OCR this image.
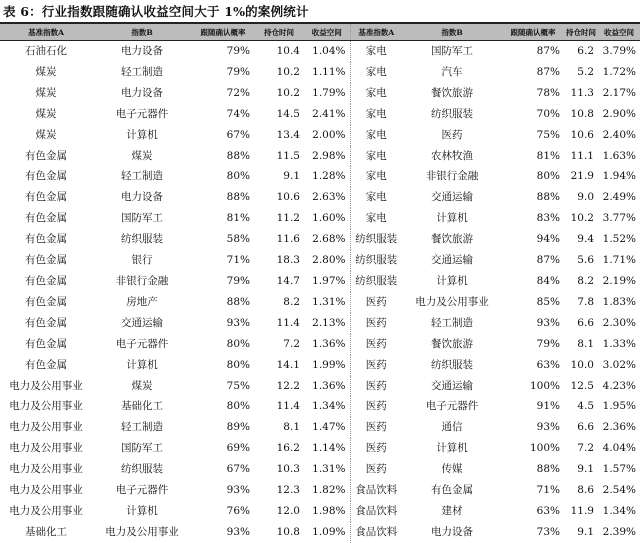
表 6：行业指数跟随确认收益空间大于 1%的案例统计
基准指数A	指数B	跟随确认概率	持仓时间	收益空间	基准指数A	指数B	跟随确认概率	持仓时间	收益空间
石油石化	电力设备	79%	10.4	1.04%	家电	国防军工	87%	6.2	3.79%
煤炭	轻工制造	79%	10.2	1.11%	家电	汽车	87%	5.2	1.72%
煤炭	电力设备	72%	10.2	1.79%	家电	餐饮旅游	78%	11.3	2.17%
煤炭	电子元器件	74%	14.5	2.41%	家电	纺织服装	70%	10.8	2.90%
煤炭	计算机	67%	13.4	2.00%	家电	医药	75%	10.6	2.40%
有色金属	煤炭	88%	11.5	2.98%	家电	农林牧渔	81%	11.1	1.63%
有色金属	轻工制造	80%	9.1	1.28%	家电	非银行金融	80%	21.9	1.94%
有色金属	电力设备	88%	10.6	2.63%	家电	交通运输	88%	9.0	2.49%
有色金属	国防军工	81%	11.2	1.60%	家电	计算机	83%	10.2	3.77%
有色金属	纺织服装	58%	11.6	2.68%	纺织服装	餐饮旅游	94%	9.4	1.52%
有色金属	银行	71%	18.3	2.80%	纺织服装	交通运输	87%	5.6	1.71%
有色金属	非银行金融	79%	14.7	1.97%	纺织服装	计算机	84%	8.2	2.19%
有色金属	房地产	88%	8.2	1.31%	医药	电力及公用事业	85%	7.8	1.83%
有色金属	交通运输	93%	11.4	2.13%	医药	轻工制造	93%	6.6	2.30%
有色金属	电子元器件	80%	7.2	1.36%	医药	餐饮旅游	79%	8.1	1.33%
有色金属	计算机	80%	14.1	1.99%	医药	纺织服装	63%	10.0	3.02%
电力及公用事业	煤炭	75%	12.2	1.36%	医药	交通运输	100%	12.5	4.23%
电力及公用事业	基础化工	80%	11.4	1.34%	医药	电子元器件	91%	4.5	1.95%
电力及公用事业	轻工制造	89%	8.1	1.47%	医药	通信	93%	6.6	2.36%
电力及公用事业	国防军工	69%	16.2	1.14%	医药	计算机	100%	7.2	4.04%
电力及公用事业	纺织服装	67%	10.3	1.31%	医药	传媒	88%	9.1	1.57%
电力及公用事业	电子元器件	93%	12.3	1.82%	食品饮料	有色金属	71%	8.6	2.54%
电力及公用事业	计算机	76%	12.0	1.98%	食品饮料	建材	63%	11.9	1.34%
基础化工	电力及公用事业	93%	10.8	1.09%	食品饮料	电力设备	73%	9.1	2.39%
